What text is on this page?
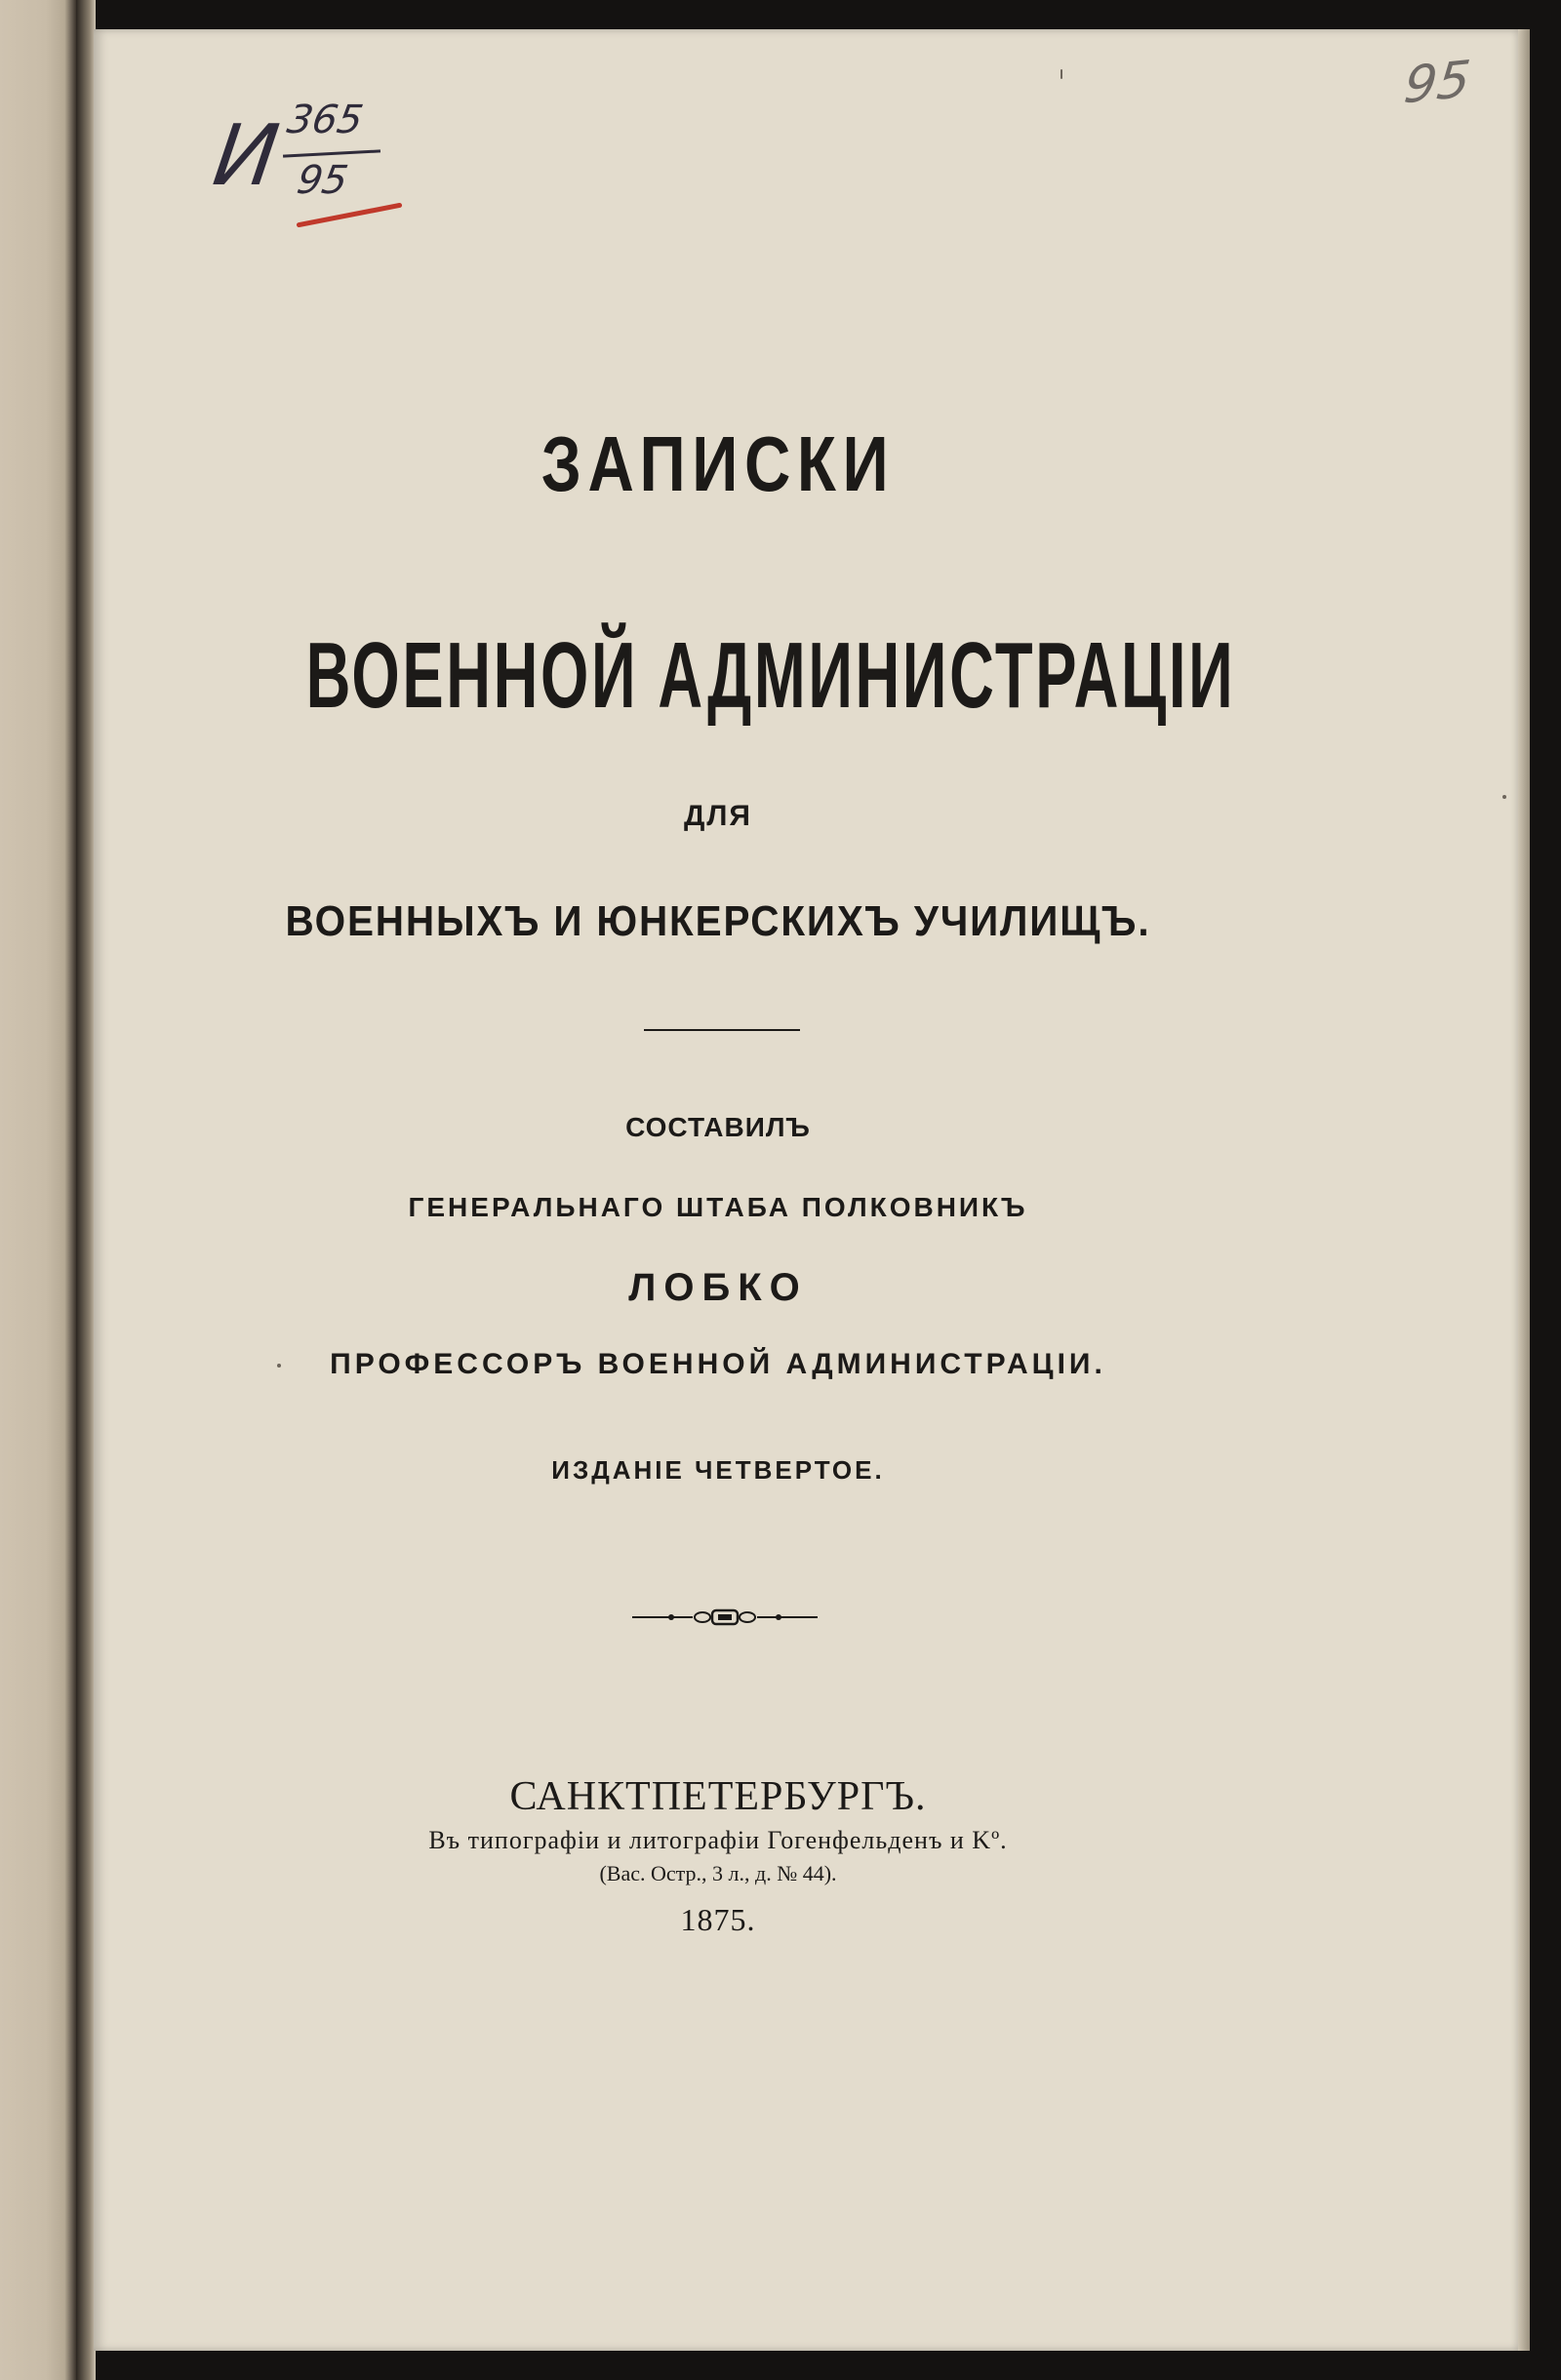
И 365
95
95
ЗАПИСКИ
ВОЕННОЙ АДМИНИСТРАЦІИ
ДЛЯ
ВОЕННЫХЪ И ЮНКЕРСКИХЪ УЧИЛИЩЪ.
СОСТАВИЛЪ
ГЕНЕРАЛЬНАГО ШТАБА ПОЛКОВНИКЪ
ЛОБКО
ПРОФЕССОРЪ ВОЕННОЙ АДМИНИСТРАЦІИ.
ИЗДАНІЕ ЧЕТВЕРТОЕ.
САНКТПЕТЕРБУРГЪ.
Въ типографіи и литографіи Гогенфельденъ и Kº.
(Вас. Остр., 3 л., д. № 44).
1875.
